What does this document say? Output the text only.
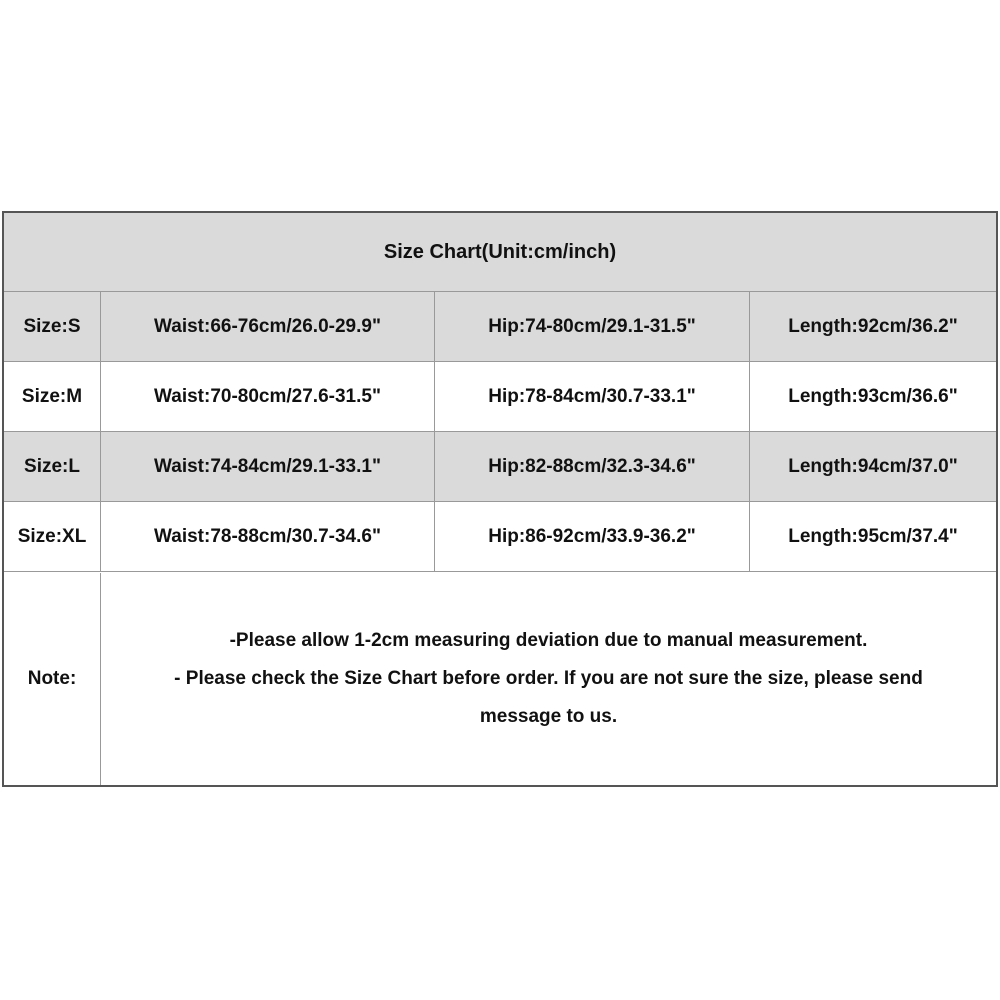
Size Chart(Unit:cm/inch)
Size:S	Waist:66-76cm/26.0-29.9"	Hip:74-80cm/29.1-31.5"	Length:92cm/36.2"
Size:M	Waist:70-80cm/27.6-31.5"	Hip:78-84cm/30.7-33.1"	Length:93cm/36.6"
Size:L	Waist:74-84cm/29.1-33.1"	Hip:82-88cm/32.3-34.6"	Length:94cm/37.0"
Size:XL	Waist:78-88cm/30.7-34.6"	Hip:86-92cm/33.9-36.2"	Length:95cm/37.4"
Note:
-Please allow 1-2cm measuring deviation due to manual measurement.
- Please check the Size Chart before order. If you are not sure the size, please send message to us.
